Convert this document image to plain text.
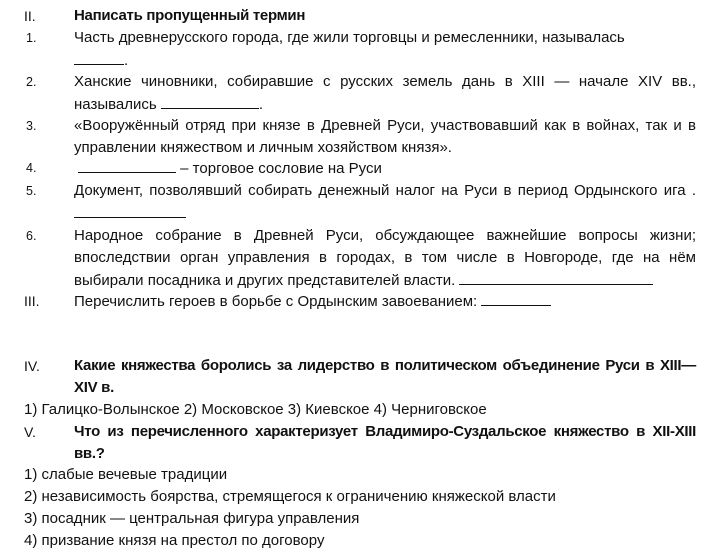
II.	Написать пропущенный термин
1.	Часть древнерусского города, где жили торговцы и ремесленники, называлась
.
2.	Ханские чиновники, собиравшие с русских земель дань в XIII — начале XIV вв., назывались	.
3.	«Вооружённый отряд при князе в Древней Руси, участвовавший как в войнах, так и в управлении княжеством и личным хозяйством князя».
4.	– торговое сословие на Руси
5.	Документ, позволявший собирать денежный налог на Руси в период Ордынского ига .
6.	Народное собрание в Древней Руси, обсуждающее важнейшие вопросы жизни; впоследствии орган управления в городах, в том числе в Новгороде, где на нём выбирали посадника и других представителей власти.
III. Перечислить героев в борьбе с Ордынским завоеванием:
IV. Какие княжества боролись за лидерство в политическом объединение Руси в XIII—XIV в.
1) Галицко-Волынское 2) Московское 3) Киевское 4) Черниговское
V.	Что из перечисленного характеризует Владимиро-Суздальское княжество в XII-XIII вв.?
1) слабые вечевые традиции
2) независимость боярства, стремящегося к ограничению княжеской власти
3) посадник — центральная фигура управления
4) призвание князя на престол по договору
